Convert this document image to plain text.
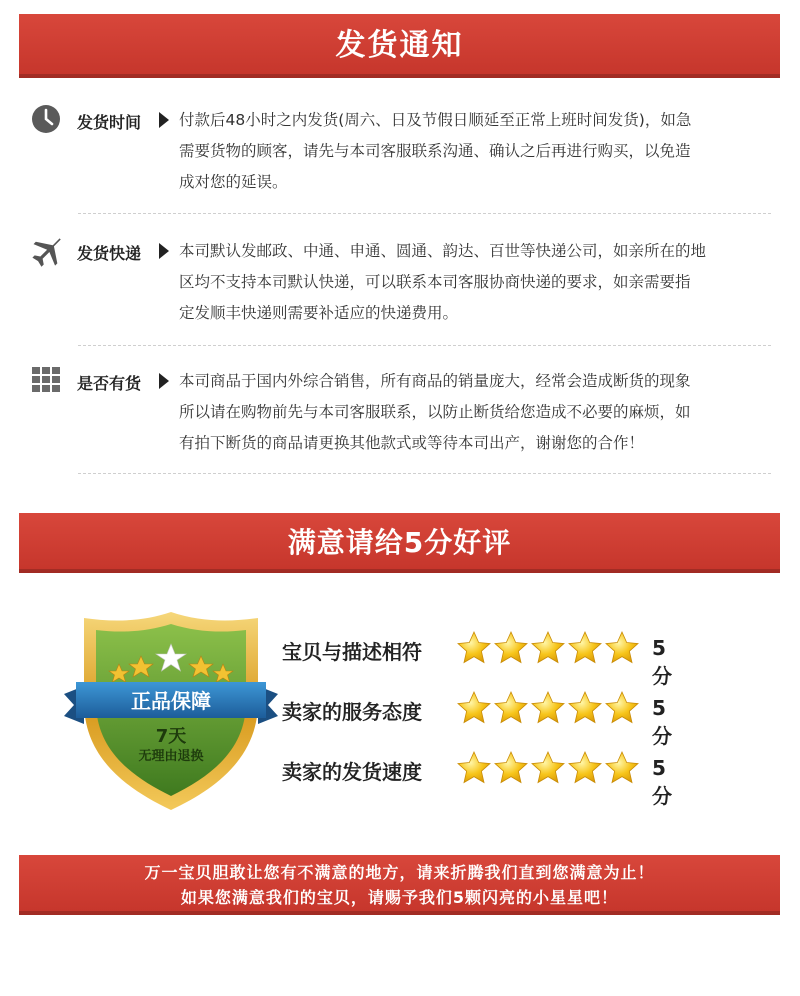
发货通知
发货时间 付款后48小时之内发货(周六、日及节假日顺延至正常上班时间发货)，如急
需要货物的顾客，请先与本司客服联系沟通、确认之后再进行购买，以免造
成对您的延误。
发货快递 本司默认发邮政、中通、申通、圆通、韵达、百世等快递公司，如亲所在的地
区均不支持本司默认快递，可以联系本司客服协商快递的要求，如亲需要指
定发顺丰快递则需要补适应的快递费用。
是否有货 本司商品于国内外综合销售，所有商品的销量庞大，经常会造成断货的现象
所以请在购物前先与本司客服联系，以防止断货给您造成不必要的麻烦，如
有拍下断货的商品请更换其他款式或等待本司出产，谢谢您的合作！
满意请给5分好评
正品保障
7天
无理由退换
宝贝与描述相符	5分
卖家的服务态度	5分
卖家的发货速度	5分
万一宝贝胆敢让您有不满意的地方，请来折腾我们直到您满意为止！
如果您满意我们的宝贝，请赐予我们5颗闪亮的小星星吧！
